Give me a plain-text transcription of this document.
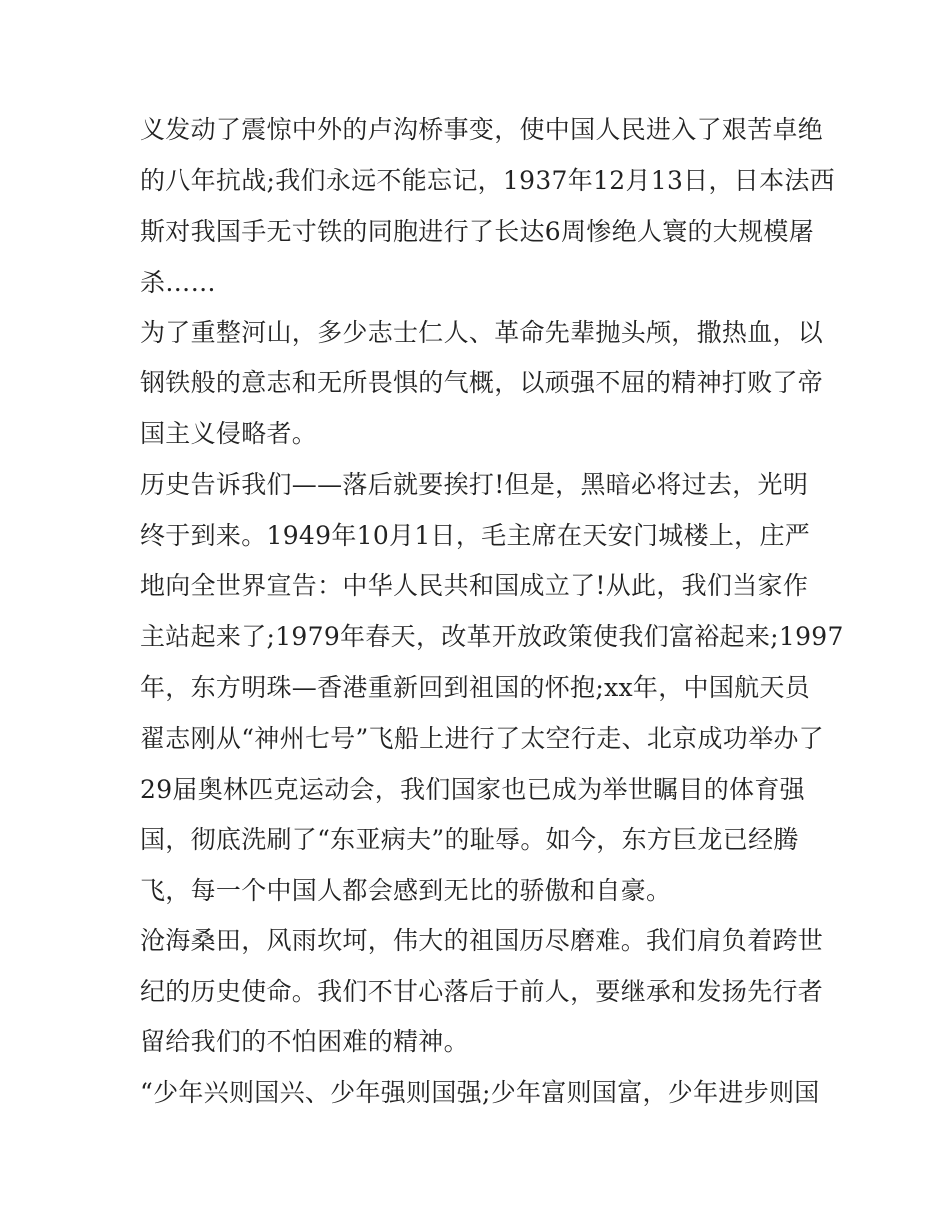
义发动了震惊中外的卢沟桥事变，使中国人民进入了艰苦卓绝
的八年抗战;我们永远不能忘记，1937年12月13日，日本法西
斯对我国手无寸铁的同胞进行了长达6周惨绝人寰的大规模屠
杀……
为了重整河山，多少志士仁人、革命先辈抛头颅，撒热血，以
钢铁般的意志和无所畏惧的气概，以顽强不屈的精神打败了帝
国主义侵略者。
历史告诉我们——落后就要挨打!但是，黑暗必将过去，光明
终于到来。1949年10月1日，毛主席在天安门城楼上，庄严
地向全世界宣告：中华人民共和国成立了!从此，我们当家作
主站起来了;1979年春天，改革开放政策使我们富裕起来;1997
年，东方明珠—香港重新回到祖国的怀抱;xx年，中国航天员
翟志刚从“神州七号”飞船上进行了太空行走、北京成功举办了
29届奥林匹克运动会，我们国家也已成为举世瞩目的体育强
国，彻底洗刷了“东亚病夫”的耻辱。如今，东方巨龙已经腾
飞，每一个中国人都会感到无比的骄傲和自豪。
沧海桑田，风雨坎坷，伟大的祖国历尽磨难。我们肩负着跨世
纪的历史使命。我们不甘心落后于前人，要继承和发扬先行者
留给我们的不怕困难的精神。
“少年兴则国兴、少年强则国强;少年富则国富，少年进步则国
